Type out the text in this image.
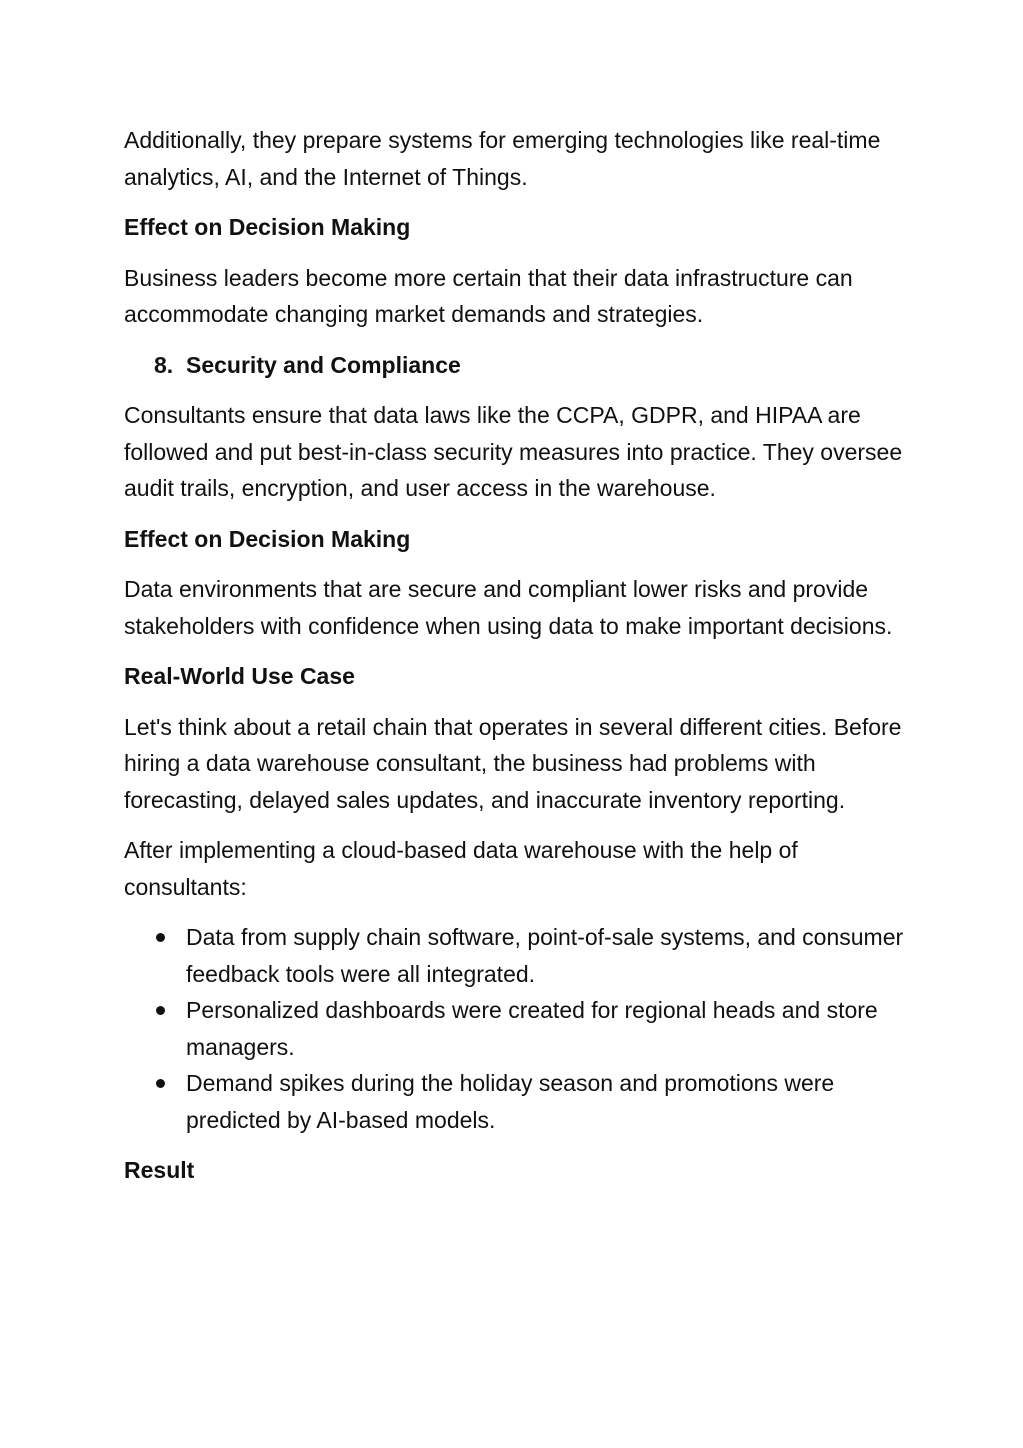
Additionally, they prepare systems for emerging technologies like real-time analytics, AI, and the Internet of Things.

Effect on Decision Making

Business leaders become more certain that their data infrastructure can accommodate changing market demands and strategies.

8. Security and Compliance

Consultants ensure that data laws like the CCPA, GDPR, and HIPAA are followed and put best-in-class security measures into practice. They oversee audit trails, encryption, and user access in the warehouse.

Effect on Decision Making

Data environments that are secure and compliant lower risks and provide stakeholders with confidence when using data to make important decisions.

Real-World Use Case

Let's think about a retail chain that operates in several different cities. Before hiring a data warehouse consultant, the business had problems with forecasting, delayed sales updates, and inaccurate inventory reporting.

After implementing a cloud-based data warehouse with the help of consultants:

Data from supply chain software, point-of-sale systems, and consumer feedback tools were all integrated.
Personalized dashboards were created for regional heads and store managers.
Demand spikes during the holiday season and promotions were predicted by AI-based models.

Result
